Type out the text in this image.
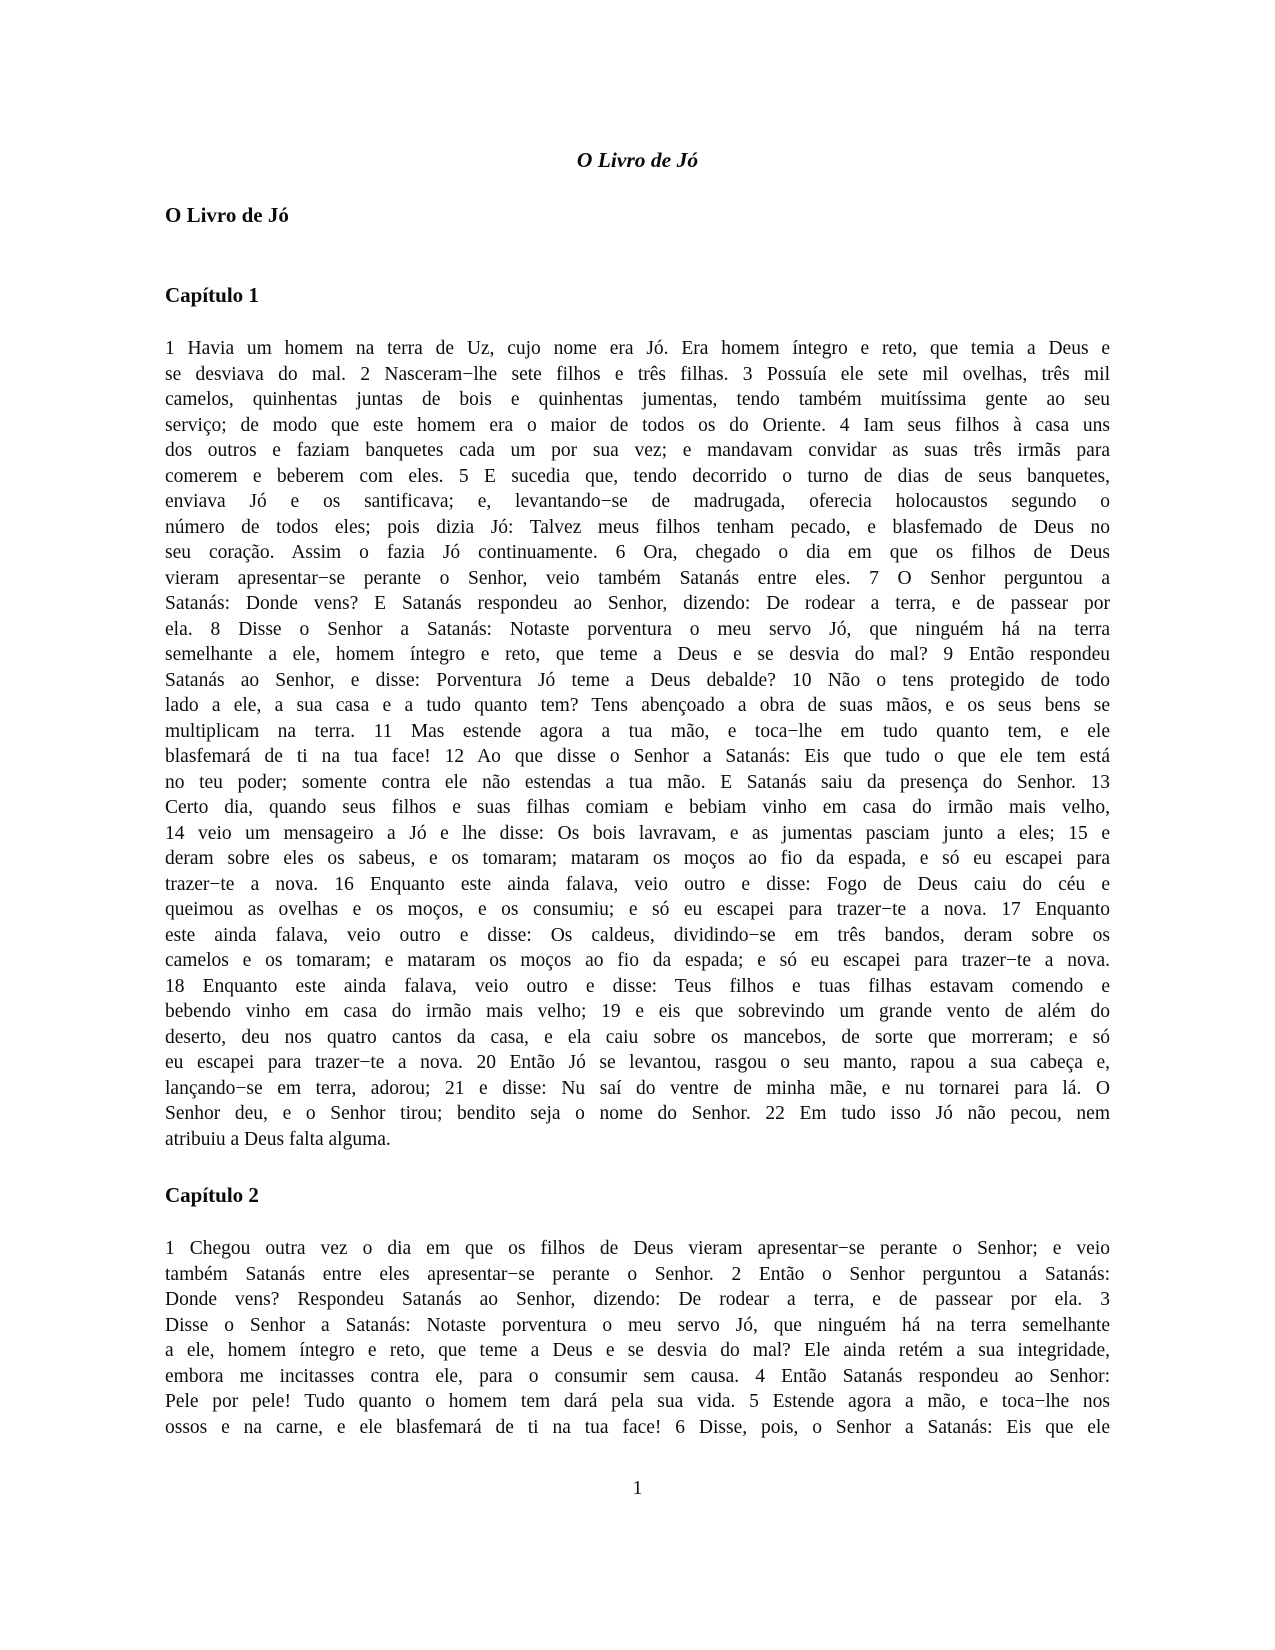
O Livro de Jó
O Livro de Jó
Capítulo 1
1 Havia um homem na terra de Uz, cujo nome era Jó. Era homem íntegro e reto, que temia a Deus e
se desviava do mal. 2 Nasceram−lhe sete filhos e três filhas. 3 Possuía ele sete mil ovelhas, três mil
camelos, quinhentas juntas de bois e quinhentas jumentas, tendo também muitíssima gente ao seu
serviço; de modo que este homem era o maior de todos os do Oriente. 4 Iam seus filhos à casa uns
dos outros e faziam banquetes cada um por sua vez; e mandavam convidar as suas três irmãs para
comerem e beberem com eles. 5 E sucedia que, tendo decorrido o turno de dias de seus banquetes,
enviava Jó e os santificava; e, levantando−se de madrugada, oferecia holocaustos segundo o
número de todos eles; pois dizia Jó: Talvez meus filhos tenham pecado, e blasfemado de Deus no
seu coração. Assim o fazia Jó continuamente. 6 Ora, chegado o dia em que os filhos de Deus
vieram apresentar−se perante o Senhor, veio também Satanás entre eles. 7 O Senhor perguntou a
Satanás: Donde vens? E Satanás respondeu ao Senhor, dizendo: De rodear a terra, e de passear por
ela. 8 Disse o Senhor a Satanás: Notaste porventura o meu servo Jó, que ninguém há na terra
semelhante a ele, homem íntegro e reto, que teme a Deus e se desvia do mal? 9 Então respondeu
Satanás ao Senhor, e disse: Porventura Jó teme a Deus debalde? 10 Não o tens protegido de todo
lado a ele, a sua casa e a tudo quanto tem? Tens abençoado a obra de suas mãos, e os seus bens se
multiplicam na terra. 11 Mas estende agora a tua mão, e toca−lhe em tudo quanto tem, e ele
blasfemará de ti na tua face! 12 Ao que disse o Senhor a Satanás: Eis que tudo o que ele tem está
no teu poder; somente contra ele não estendas a tua mão. E Satanás saiu da presença do Senhor. 13
Certo dia, quando seus filhos e suas filhas comiam e bebiam vinho em casa do irmão mais velho,
14 veio um mensageiro a Jó e lhe disse: Os bois lavravam, e as jumentas pasciam junto a eles; 15 e
deram sobre eles os sabeus, e os tomaram; mataram os moços ao fio da espada, e só eu escapei para
trazer−te a nova. 16 Enquanto este ainda falava, veio outro e disse: Fogo de Deus caiu do céu e
queimou as ovelhas e os moços, e os consumiu; e só eu escapei para trazer−te a nova. 17 Enquanto
este ainda falava, veio outro e disse: Os caldeus, dividindo−se em três bandos, deram sobre os
camelos e os tomaram; e mataram os moços ao fio da espada; e só eu escapei para trazer−te a nova.
18 Enquanto este ainda falava, veio outro e disse: Teus filhos e tuas filhas estavam comendo e
bebendo vinho em casa do irmão mais velho; 19 e eis que sobrevindo um grande vento de além do
deserto, deu nos quatro cantos da casa, e ela caiu sobre os mancebos, de sorte que morreram; e só
eu escapei para trazer−te a nova. 20 Então Jó se levantou, rasgou o seu manto, rapou a sua cabeça e,
lançando−se em terra, adorou; 21 e disse: Nu saí do ventre de minha mãe, e nu tornarei para lá. O
Senhor deu, e o Senhor tirou; bendito seja o nome do Senhor. 22 Em tudo isso Jó não pecou, nem
atribuiu a Deus falta alguma.
Capítulo 2
1 Chegou outra vez o dia em que os filhos de Deus vieram apresentar−se perante o Senhor; e veio
também Satanás entre eles apresentar−se perante o Senhor. 2 Então o Senhor perguntou a Satanás:
Donde vens? Respondeu Satanás ao Senhor, dizendo: De rodear a terra, e de passear por ela. 3
Disse o Senhor a Satanás: Notaste porventura o meu servo Jó, que ninguém há na terra semelhante
a ele, homem íntegro e reto, que teme a Deus e se desvia do mal? Ele ainda retém a sua integridade,
embora me incitasses contra ele, para o consumir sem causa. 4 Então Satanás respondeu ao Senhor:
Pele por pele! Tudo quanto o homem tem dará pela sua vida. 5 Estende agora a mão, e toca−lhe nos
ossos e na carne, e ele blasfemará de ti na tua face! 6 Disse, pois, o Senhor a Satanás: Eis que ele
1
